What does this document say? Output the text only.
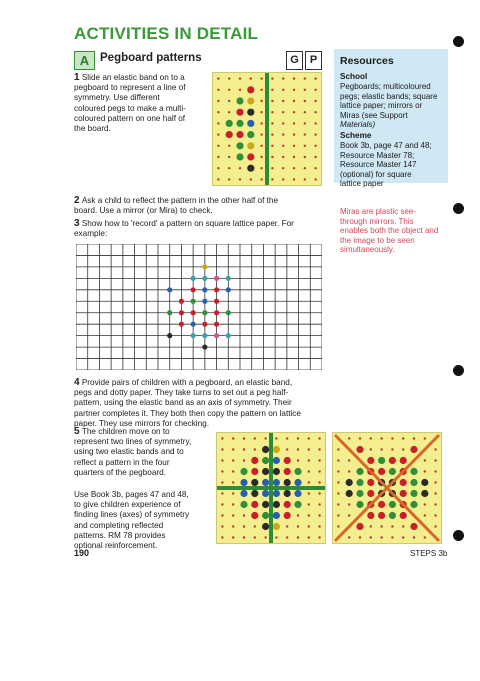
ACTIVITIES IN DETAIL
A Pegboard patterns	G	P
1 Slide an elastic band on to a
pegboard to represent a line of
symmetry. Use different
coloured pegs to make a multi-
coloured pattern on one half of
the board.
Resources
School
Pegboards; multicoloured
pegs; elastic bands; square
lattice paper; mirrors or
Miras (see Support
Materials)
Scheme
Book 3b, page 47 and 48;
Resource Master 78;
Resource Master 147
(optional) for square
lattice paper
2 Ask a child to reflect the pattern in the other half of the
board. Use a mirror (or Mira) to check.
3 Show how to 'record' a pattern on square lattice paper. For
example:
Miras are plastic see-
through mirrors. This
enables both the object and
the image to be seen
simultaneously.
4 Provide pairs of children with a pegboard, an elastic band,
pegs and dotty paper. They take turns to set out a peg half-
pattern, using the elastic band as an axis of symmetry. Their
partner completes it. They both then copy the pattern on lattice
paper. They use mirrors for checking.
5 The children move on to
represent two lines of symmetry,
using two elastic bands and to
reflect a pattern in the four
quarters of the pegboard.
Use Book 3b, pages 47 and 48,
to give children experience of
finding lines (axes) of symmetry
and completing reflected
patterns. RM 78 provides
optional reinforcement.
190	STEPS 3b
